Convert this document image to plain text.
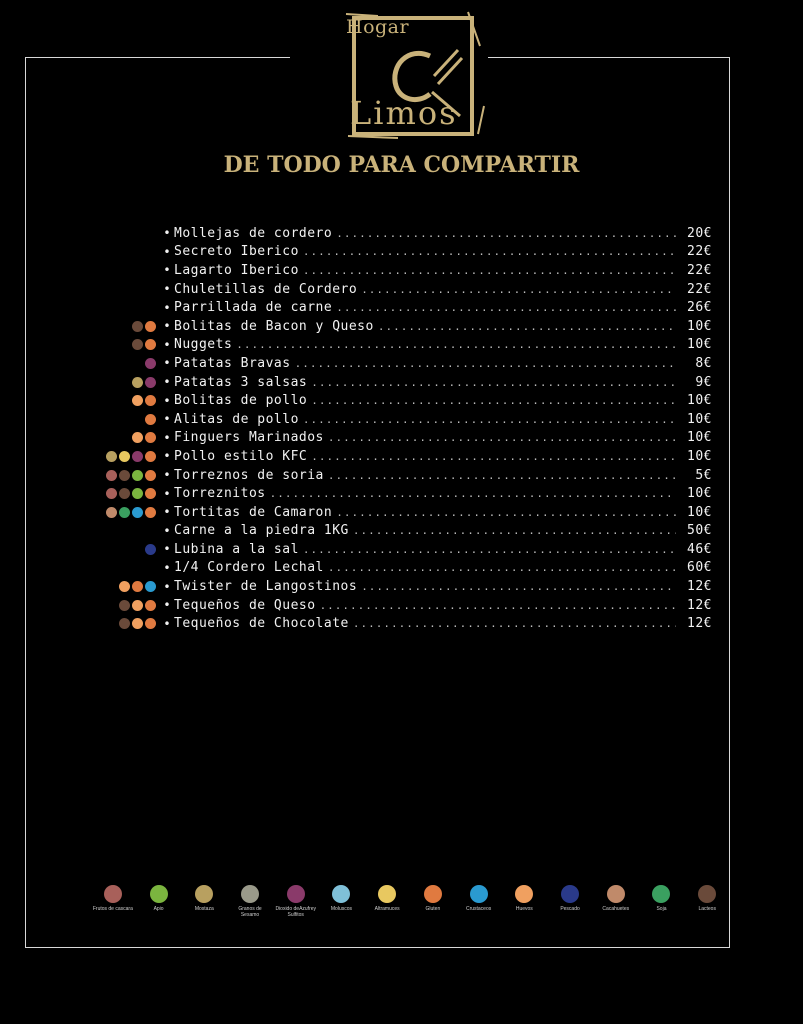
Hogar
Limos
DE TODO PARA COMPARTIR
• Mollejas de cordero .....	20€
• Secreto Iberico .....	22€
• Lagarto Iberico .....	22€
• Chuletillas de Cordero .....	22€
• Parrillada de carne .....	26€
• Bolitas de Bacon y Queso .....	10€
• Nuggets .....	10€
• Patatas Bravas .....	8€
• Patatas 3 salsas .....	9€
• Bolitas de pollo .....	10€
• Alitas de pollo .....	10€
• Finguers Marinados .....	10€
• Pollo estilo KFC .....	10€
• Torreznos de soria .....	5€
• Torreznitos .....	10€
• Tortitas de Camaron .....	10€
• Carne a la piedra 1KG .....	50€
• Lubina a la sal .....	46€
• 1/4 Cordero Lechal .....	60€
• Twister de Langostinos .....	12€
• Tequeños de Queso .....	12€
• Tequeños de Chocolate .....	12€
Frutos de cascara	Apio	Mostaza	Granos de Sesamo
Dioxido deAzufrey Sulfitos
Moluscos	Altramuces	Gluten	Crustaceos	Huevos	Pescado	Cacahuetes	Soja	Lacteos
